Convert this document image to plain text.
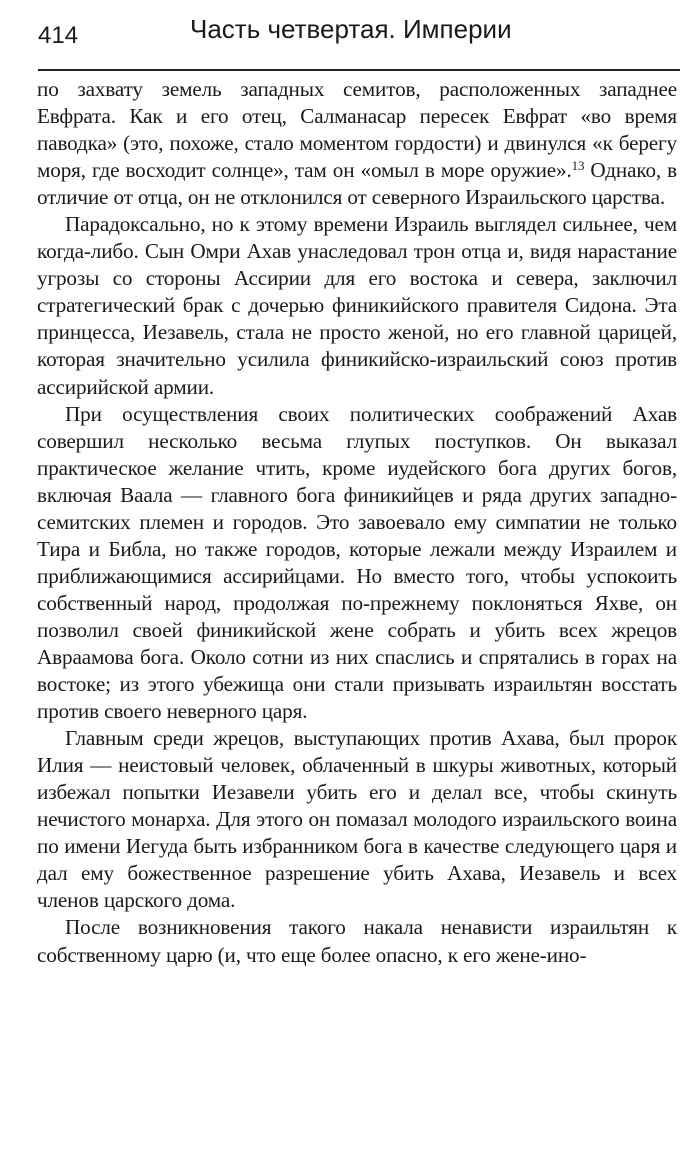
414	Часть четвертая. Империи

по захвату земель западных семитов, расположенных западнее Евфрата. Как и его отец, Салманасар пересек Евфрат «во время паводка» (это, похоже, стало моментом гордости) и двинулся «к берегу моря, где восходит солнце», там он «омыл в море оружие».$^{13}$ Однако, в отличие от отца, он не отклонился от северного Израильского царства.

Парадоксально, но к этому времени Израиль выглядел сильнее, чем когда-либо. Сын Омри Ахав унаследовал трон отца и, видя нарастание угрозы со стороны Ассирии для его востока и севера, заключил стратегический брак с дочерью финикийского правителя Сидона. Эта принцесса, Иезавель, стала не просто женой, но его главной царицей, которая значительно усилила финикийско-израильский союз против ассирийской армии.

При осуществления своих политических соображений Ахав совершил несколько весьма глупых поступков. Он выказал практическое желание чтить, кроме иудейского бога других богов, включая Ваала — главного бога финикийцев и ряда других западно-семитских племен и городов. Это завоевало ему симпатии не только Тира и Библа, но также городов, которые лежали между Израилем и приближающимися ассирийцами. Но вместо того, чтобы успокоить собственный народ, продолжая по-прежнему поклоняться Яхве, он позволил своей финикийской жене собрать и убить всех жрецов Авраамова бога. Около сотни из них спаслись и спрятались в горах на востоке; из этого убежища они стали призывать израильтян восстать против своего неверного царя.

Главным среди жрецов, выступающих против Ахава, был пророк Илия — неистовый человек, облаченный в шкуры животных, который избежал попытки Иезавели убить его и делал все, чтобы скинуть нечистого монарха. Для этого он помазал молодого израильского воина по имени Иегуда быть избранником бога в качестве следующего царя и дал ему божественное разрешение убить Ахава, Иезавель и всех членов царского дома.

После возникновения такого накала ненависти израильтян к собственному царю (и, что еще более опасно, к его жене-ино-
